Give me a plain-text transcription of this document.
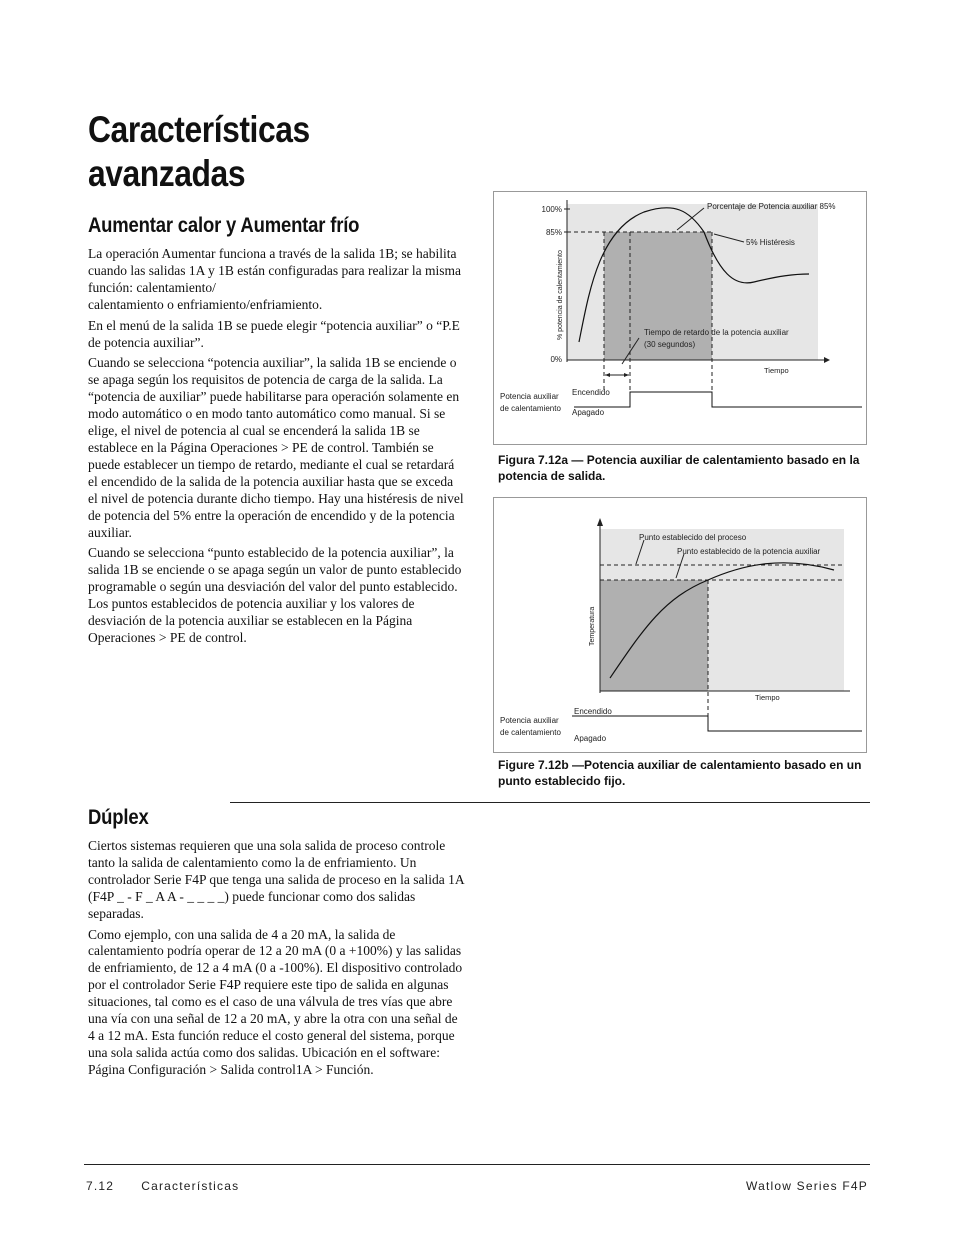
Características
avanzadas
Aumentar calor y Aumentar frío

La operación Aumentar funciona a través de la salida 1B; se habilita cuando las salidas 1A y 1B están configuradas para realizar la misma función: calentamiento/

calentamiento o enfriamiento/enfriamiento.

En el menú de la salida 1B se puede elegir “potencia auxiliar” o “P.E de potencia auxiliar”.

Cuando se selecciona “potencia auxiliar”, la salida 1B se enciende o se apaga según los requisitos de potencia de carga de la salida. La “potencia de auxiliar” puede habilitarse para operación solamente en modo automático o en modo tanto automático como manual. Si se elige, el nivel de potencia al cual se encenderá la salida 1B se establece en la Página Operaciones > PE de control. También se puede establecer un tiempo de retardo, mediante el cual se retardará el encendido de la salida de la potencia auxiliar hasta que se exceda el nivel de potencia durante dicho tiempo. Hay una histéresis de nivel de potencia del 5% entre la operación de encendido y de la potencia auxiliar.

Cuando se selecciona “punto establecido de la potencia auxiliar”, la salida 1B se enciende o se apaga según un valor de punto establecido programable o según una desviación del valor del punto establecido. Los puntos establecidos de potencia auxiliar y los valores de desviación de la potencia auxiliar se establecen en la Página Operaciones > PE de control.

100%
85%
0%
% potencia de calentamiento
Tiempo
Porcentaje de Potencia auxiliar 85%
5% Histéresis
Tiempo de retardo de la potencia auxiliar
(30 segundos)
Potencia auxiliar
de calentamiento
Encendido
Apagado
Figura 7.12a — Potencia auxiliar de calentamiento basado en la potencia de salida.
Punto establecido del proceso
Punto establecido de la potencia auxiliar
Temperatura
Tiempo
Potencia auxiliar
de calentamiento
Encendido
Apagado
Figure 7.12b —Potencia auxiliar de calentamiento basado en un punto establecido fijo.
Dúplex

Ciertos sistemas requieren que una sola salida de proceso controle tanto la salida de calentamiento como la de enfriamiento. Un controlador Serie F4P que tenga una salida de proceso en la salida 1A (F4P _ - F _ A A - _ _ _ _) puede funcionar como dos salidas separadas.

Como ejemplo, con una salida de 4 a 20 mA, la salida de calentamiento podría operar de 12 a 20 mA (0 a +100%) y las salidas de enfriamiento, de 12 a 4 mA (0 a -100%). El dispositivo controlado por el controlador Serie F4P requiere este tipo de salida en algunas situaciones, tal como es el caso de una válvula de tres vías que abre una vía con una señal de 12 a 20 mA, y abre la otra con una señal de 4 a 12 mA. Esta función reduce el costo general del sistema, porque una sola salida actúa como dos salidas. Ubicación en el software: Página Configuración > Salida control1A > Función.

7.12 Características	Watlow Series F4P
